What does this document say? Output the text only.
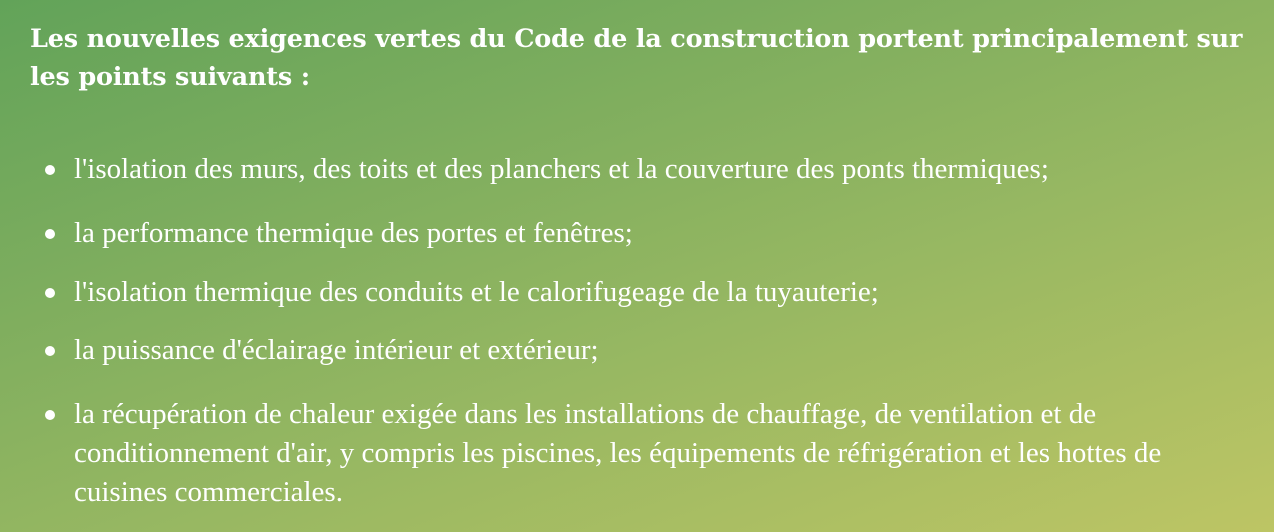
Les nouvelles exigences vertes du Code de la construction portent principalement sur les points suivants :
l'isolation des murs, des toits et des planchers et la couverture des ponts thermiques;
la performance thermique des portes et fenêtres;
l'isolation thermique des conduits et le calorifugeage de la tuyauterie;
la puissance d'éclairage intérieur et extérieur;
la récupération de chaleur exigée dans les installations de chauffage, de ventilation et de conditionnement d'air, y compris les piscines, les équipements de réfrigération et les hottes de cuisines commerciales.
